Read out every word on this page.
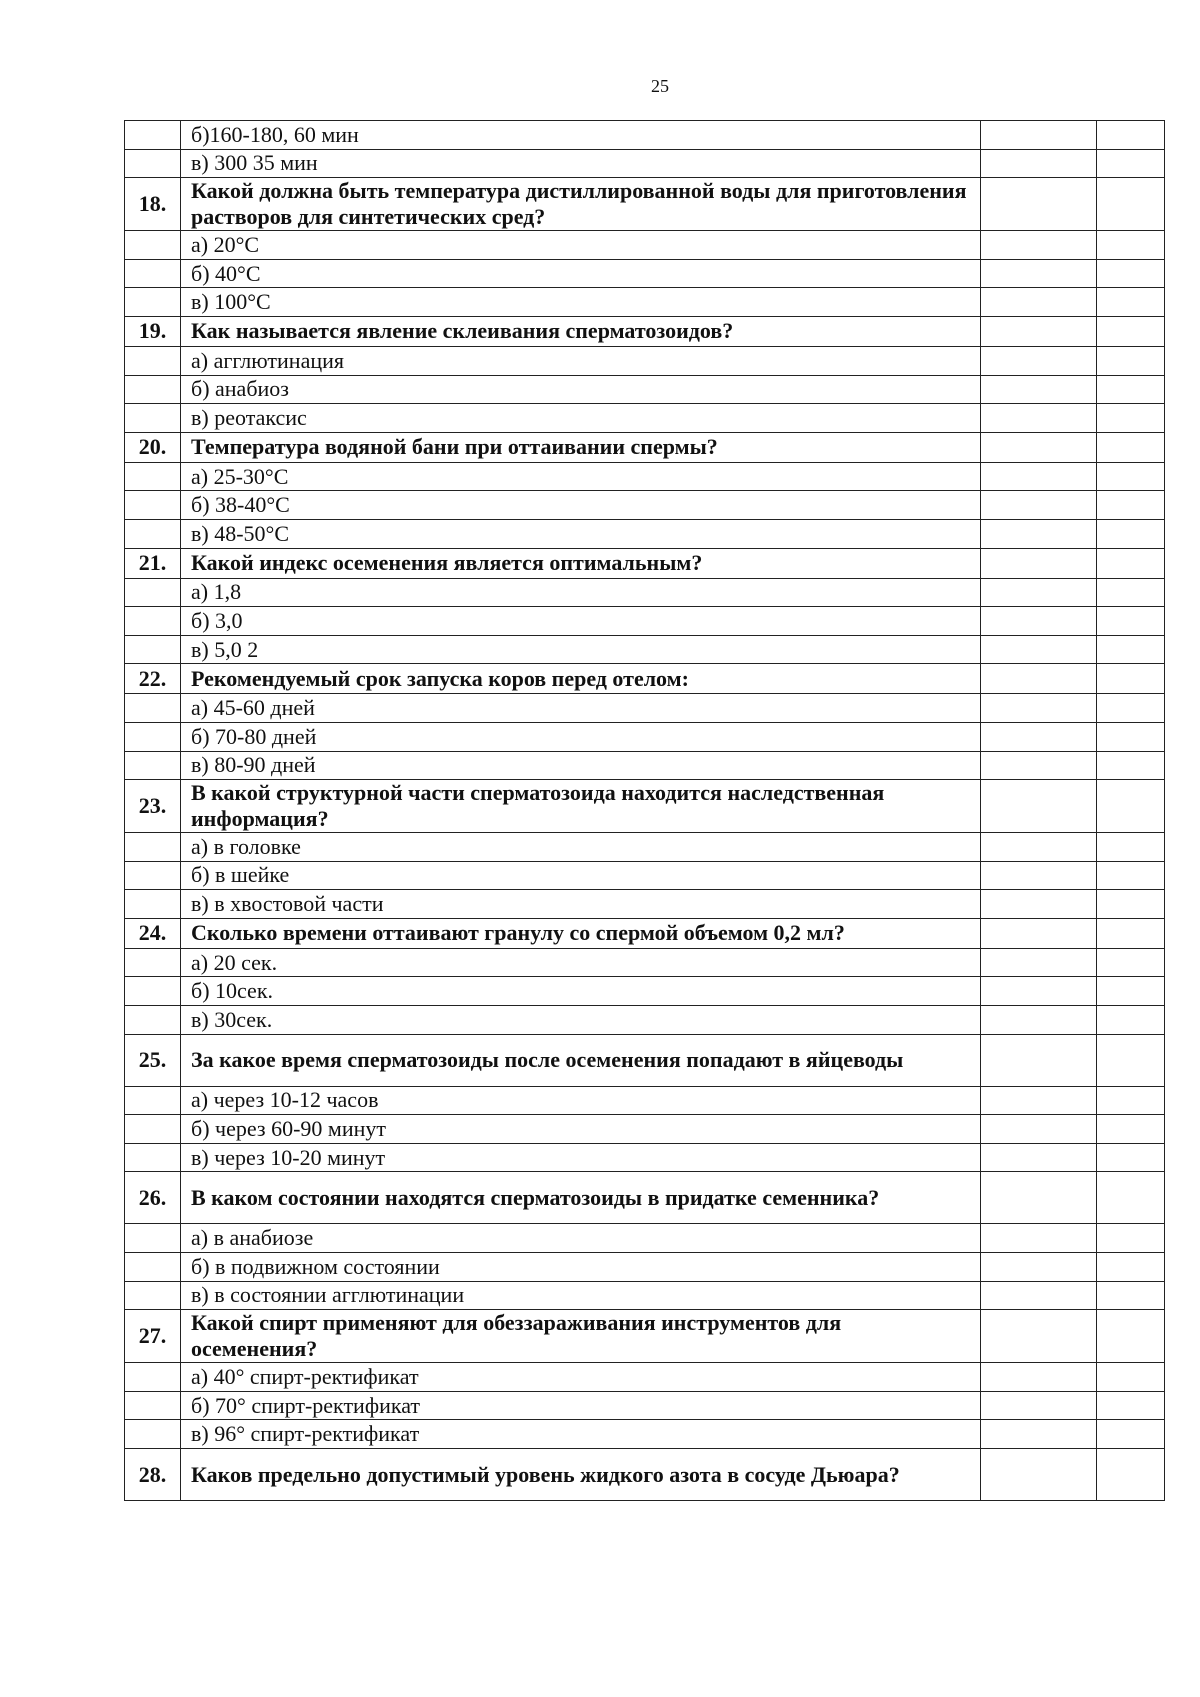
25
	б)160-180, 60 мин		
	в) 300 35 мин		
18.	Какой должна быть температура дистиллированной воды для приготовления растворов для синтетических сред?		
	а) 20°С		
	б) 40°С		
	в) 100°С		
19.	Как называется явление склеивания сперматозоидов?		
	а) агглютинация		
	б) анабиоз		
	в) реотаксис		
20.	Температура водяной бани при оттаивании спермы?		
	а) 25-30°С		
	б) 38-40°С		
	в) 48-50°С		
21.	Какой индекс осеменения является оптимальным?		
	а) 1,8		
	б) 3,0		
	в) 5,0 2		
22.	Рекомендуемый срок запуска коров перед отелом:		
	а) 45-60 дней		
	б) 70-80 дней		
	в) 80-90 дней		
23.	В какой структурной части сперматозоида находится наследственная информация?		
	а) в головке		
	б) в шейке		
	в) в хвостовой части		
24.	Сколько времени оттаивают гранулу со спермой объемом 0,2 мл?		
	а) 20 сек.		
	б) 10сек.		
	в) 30сек.		
25.	За какое время сперматозоиды после осеменения попадают в яйцеводы		
	а) через 10-12 часов		
	б) через 60-90 минут		
	в) через 10-20 минут		
26.	В каком состоянии находятся сперматозоиды в придатке семенника?		
	а) в анабиозе		
	б) в подвижном состоянии		
	в) в состоянии агглютинации		
27.	Какой спирт применяют для обеззараживания инструментов для осеменения?		
	а) 40° спирт-ректификат		
	б) 70° спирт-ректификат		
	в) 96° спирт-ректификат		
28.	Каков предельно допустимый уровень жидкого азота в сосуде Дьюара?		
